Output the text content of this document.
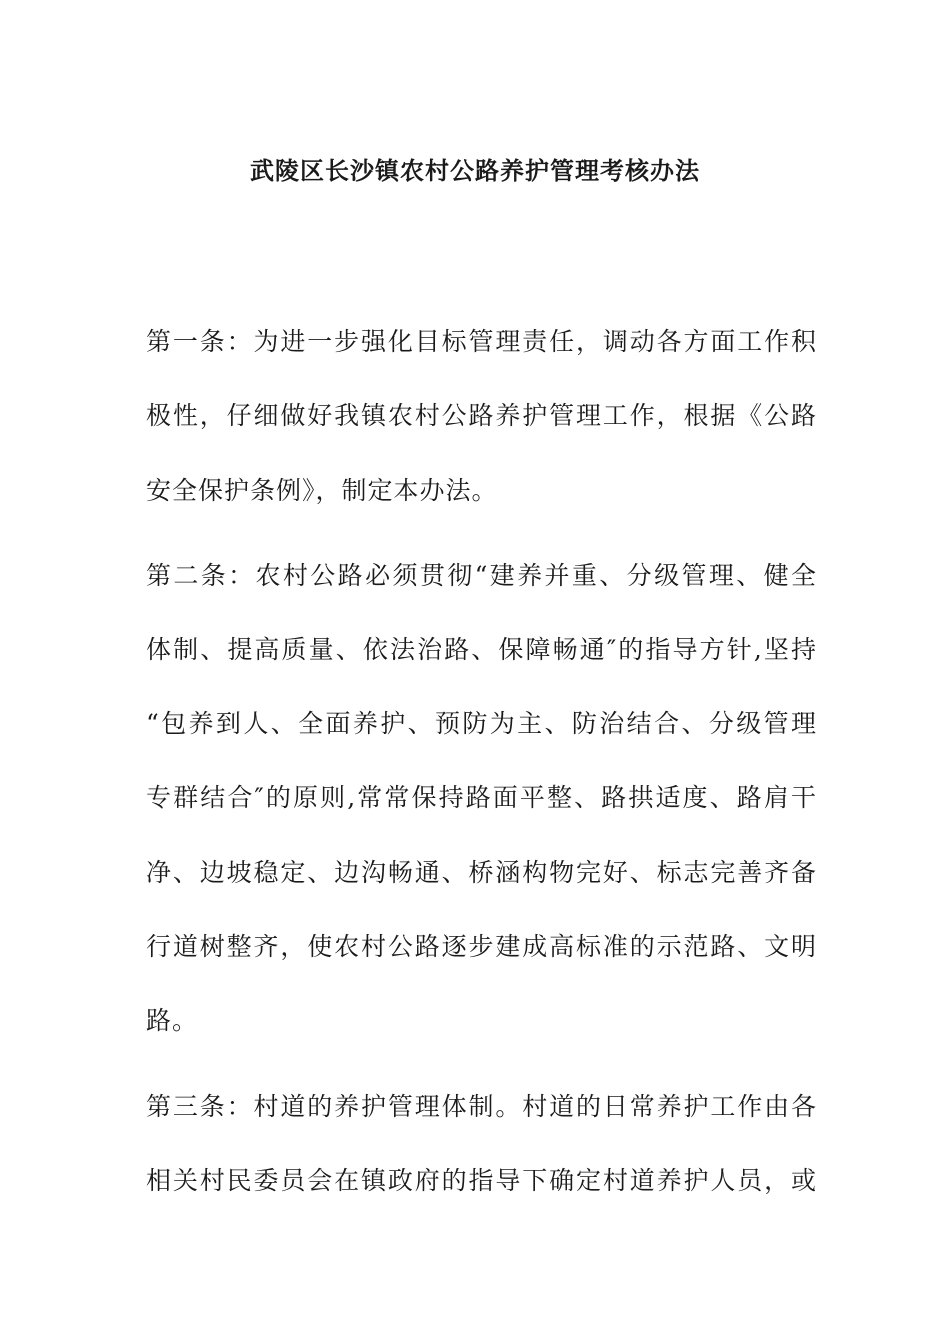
武陵区长沙镇农村公路养护管理考核办法
第一条：为进一步强化目标管理责任，调动各方面工作积
极性，仔细做好我镇农村公路养护管理工作，根据《公路
安全保护条例》，制定本办法。
第二条：农村公路必须贯彻“建养并重、分级管理、健全
体制、提高质量、依法治路、保障畅通″的指导方针,坚持
“包养到人、全面养护、预防为主、防治结合、分级管理
专群结合″的原则,常常保持路面平整、路拱适度、路肩干
净、边坡稳定、边沟畅通、桥涵构物完好、标志完善齐备
行道树整齐，使农村公路逐步建成高标准的示范路、文明
路。
第三条：村道的养护管理体制。村道的日常养护工作由各
相关村民委员会在镇政府的指导下确定村道养护人员，或
